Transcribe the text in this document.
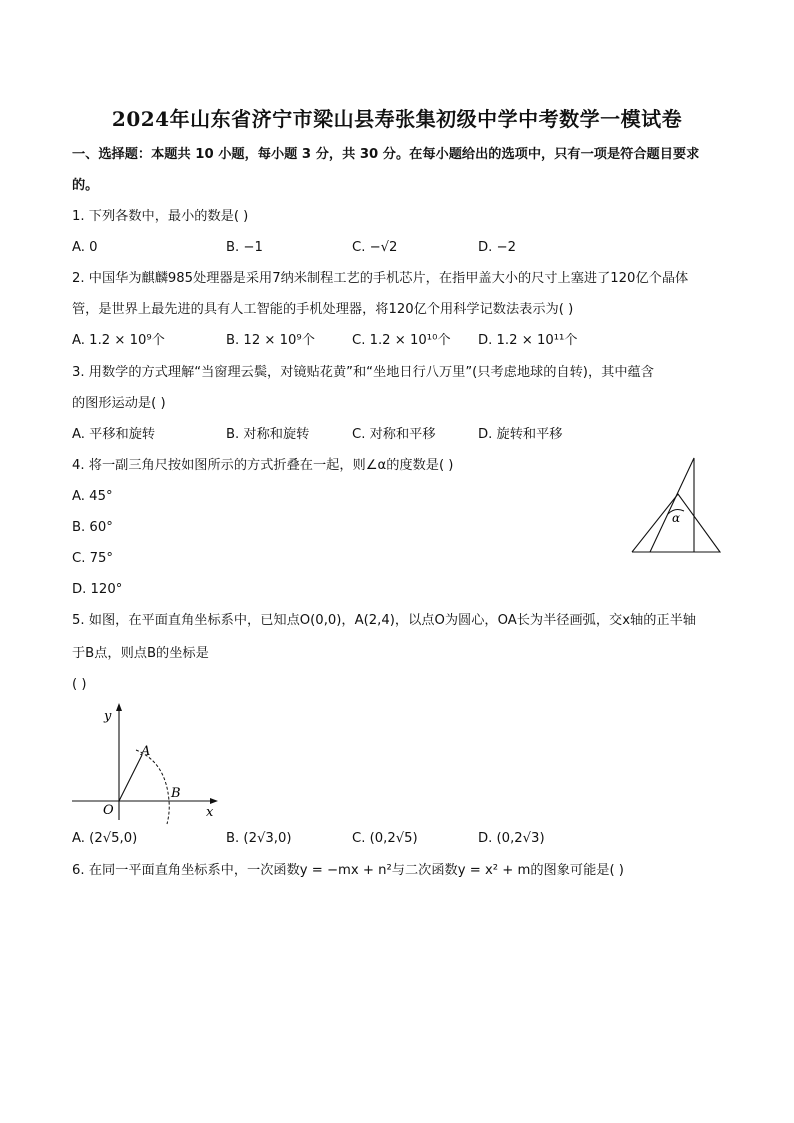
2024年山东省济宁市梁山县寿张集初级中学中考数学一模试卷
一、选择题：本题共 10 小题，每小题 3 分，共 30 分。在每小题给出的选项中，只有一项是符合题目要求
的。
1. 下列各数中，最小的数是( )
A. 0	B. −1	C. −√2	D. −2
2. 中国华为麒麟985处理器是采用7纳米制程工艺的手机芯片，在指甲盖大小的尺寸上塞进了120亿个晶体
管，是世界上最先进的具有人工智能的手机处理器，将120亿个用科学记数法表示为( )
A. 1.2 × 10⁹个	B. 12 × 10⁹个	C. 1.2 × 10¹⁰个 D. 1.2 × 10¹¹个
3. 用数学的方式理解“当窗理云鬓，对镜贴花黄”和“坐地日行八万里”(只考虑地球的自转)，其中蕴含
的图形运动是( )
A. 平移和旋转	B. 对称和旋转	C. 对称和平移	D. 旋转和平移
4. 将一副三角尺按如图所示的方式折叠在一起，则∠α的度数是( )
A. 45°
B. 60°
C. 75°
D. 120°
α
5. 如图，在平面直角坐标系中，已知点O(0,0)，A(2,4)，以点O为圆心，OA长为半径画弧，交x轴的正半轴
于B点，则点B的坐标是
( )
y
x
O
A
B
A. (2√5,0)	B. (2√3,0)	C. (0,2√5)	D. (0,2√3)
6. 在同一平面直角坐标系中，一次函数y = −mx + n²与二次函数y = x² + m的图象可能是( )
